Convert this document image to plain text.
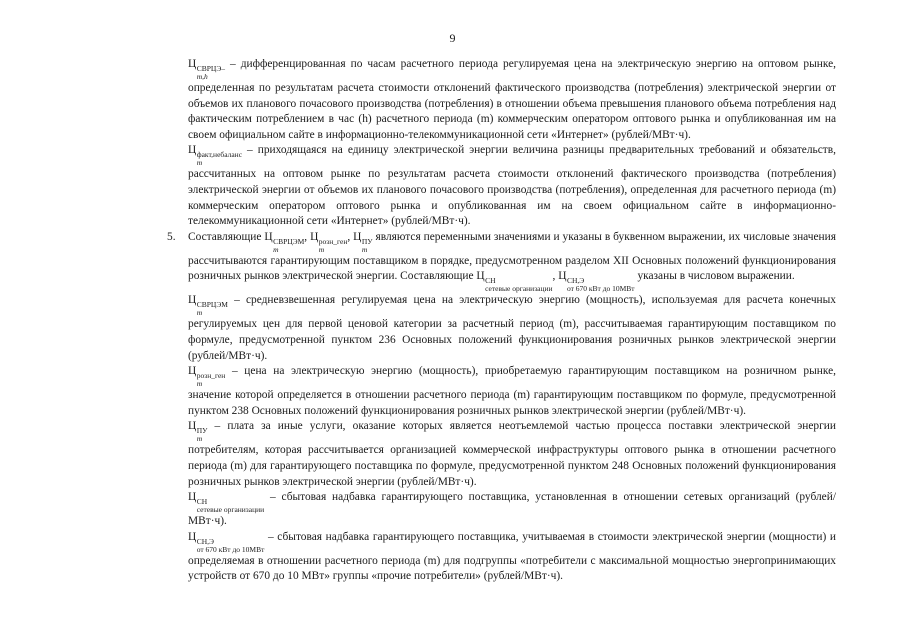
9

Ц СВРЦЭ–
m,h
– дифференцированная по часам расчетного периода регулируемая цена на электрическую энергию на оптовом рынке, определенная по результатам расчета стоимости отклонений фактического производства (потребления) электрической энергии от объемов их планового почасового производства (потребления) в отношении объема превышения планового объема потребления над фактическим потреблением в час (h) расчетного периода (m) коммерческим оператором оптового рынка и опубликованная им на своем официальном сайте в информационно-телекоммуникационной сети «Интернет» (рублей/МВт·ч).

Ц факт,небаланс
m
– приходящаяся на единицу электрической энергии величина разницы предварительных требований и обязательств, рассчитанных на оптовом рынке по результатам расчета стоимости отклонений фактического производства (потребления) электрической энергии от объемов их планового почасового производства (потребления), определенная для расчетного периода (m) коммерческим оператором оптового рынка и опубликованная им на своем официальном сайте в информационно-телекоммуникационной сети «Интернет» (рублей/МВт·ч).

5. Составляющие Ц СВРЦЭМ
m
, Ц розн_ген
m
, Ц ПУ
m
являются переменными значениями и указаны в буквенном выражении, их числовые значения рассчитываются гарантирующим поставщиком в порядке, предусмотренном разделом XII Основных положений функционирования розничных рынков электрической энергии. Составляющие Ц СН
сетевые организации
, Ц СН,Э
от 670 кВт до 10МВт
указаны в числовом выражении.

Ц СВРЦЭМ
m
– средневзвешенная регулируемая цена на электрическую энергию (мощность), используемая для расчета конечных регулируемых цен для первой ценовой категории за расчетный период (m), рассчитываемая гарантирующим поставщиком по формуле, предусмотренной пунктом 236 Основных положений функционирования розничных рынков электрической энергии (рублей/МВт·ч).

Ц розн_ген
m
– цена на электрическую энергию (мощность), приобретаемую гарантирующим поставщиком на розничном рынке, значение которой определяется в отношении расчетного периода (m) гарантирующим поставщиком по формуле, предусмотренной пунктом 238 Основных положений функционирования розничных рынков электрической энергии (рублей/МВт·ч).

Ц ПУ
m
– плата за иные услуги, оказание которых является неотъемлемой частью процесса поставки электрической энергии потребителям, которая рассчитывается организацией коммерческой инфраструктуры оптового рынка в отношении расчетного периода (m) для гарантирующего поставщика по формуле, предусмотренной пунктом 248 Основных положений функционирования розничных рынков электрической энергии (рублей/МВт·ч).

Ц СН
сетевые организации
– сбытовая надбавка гарантирующего поставщика, установленная в отношении сетевых организаций (рублей/МВт·ч).

Ц СН,Э
от 670 кВт до 10МВт
– сбытовая надбавка гарантирующего поставщика, учитываемая в стоимости электрической энергии (мощности) и определяемая в отношении расчетного периода (m) для подгруппы «потребители с максимальной мощностью энергопринимающих устройств от 670 до 10 МВт» группы «прочие потребители» (рублей/МВт·ч).
